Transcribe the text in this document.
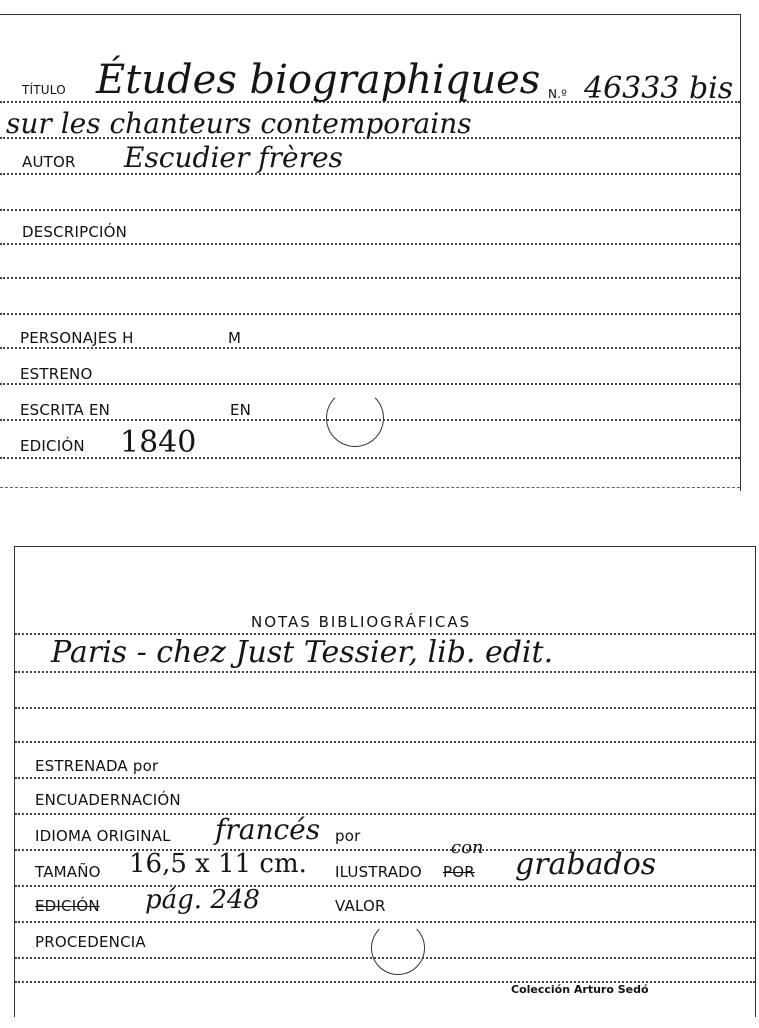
TÍTULO Études biographiques N.º 46333 bis
sur les chanteurs contemporains
AUTOR Escudier frères
DESCRIPCIÓN
PERSONAJES H	M
ESTRENO
ESCRITA EN	EN
EDICIÓN 1840
NOTAS BIBLIOGRÁFICAS
Paris - chez Just Tessier, lib. edit.
ESTRENADA por
ENCUADERNACIÓN
IDIOMA ORIGINAL francés por
TAMAÑO 16,5 x 11 cm. ILUSTRADO POR
con grabados
EDICIÓN pág. 248	VALOR
PROCEDENCIA
Colección Arturo Sedó
